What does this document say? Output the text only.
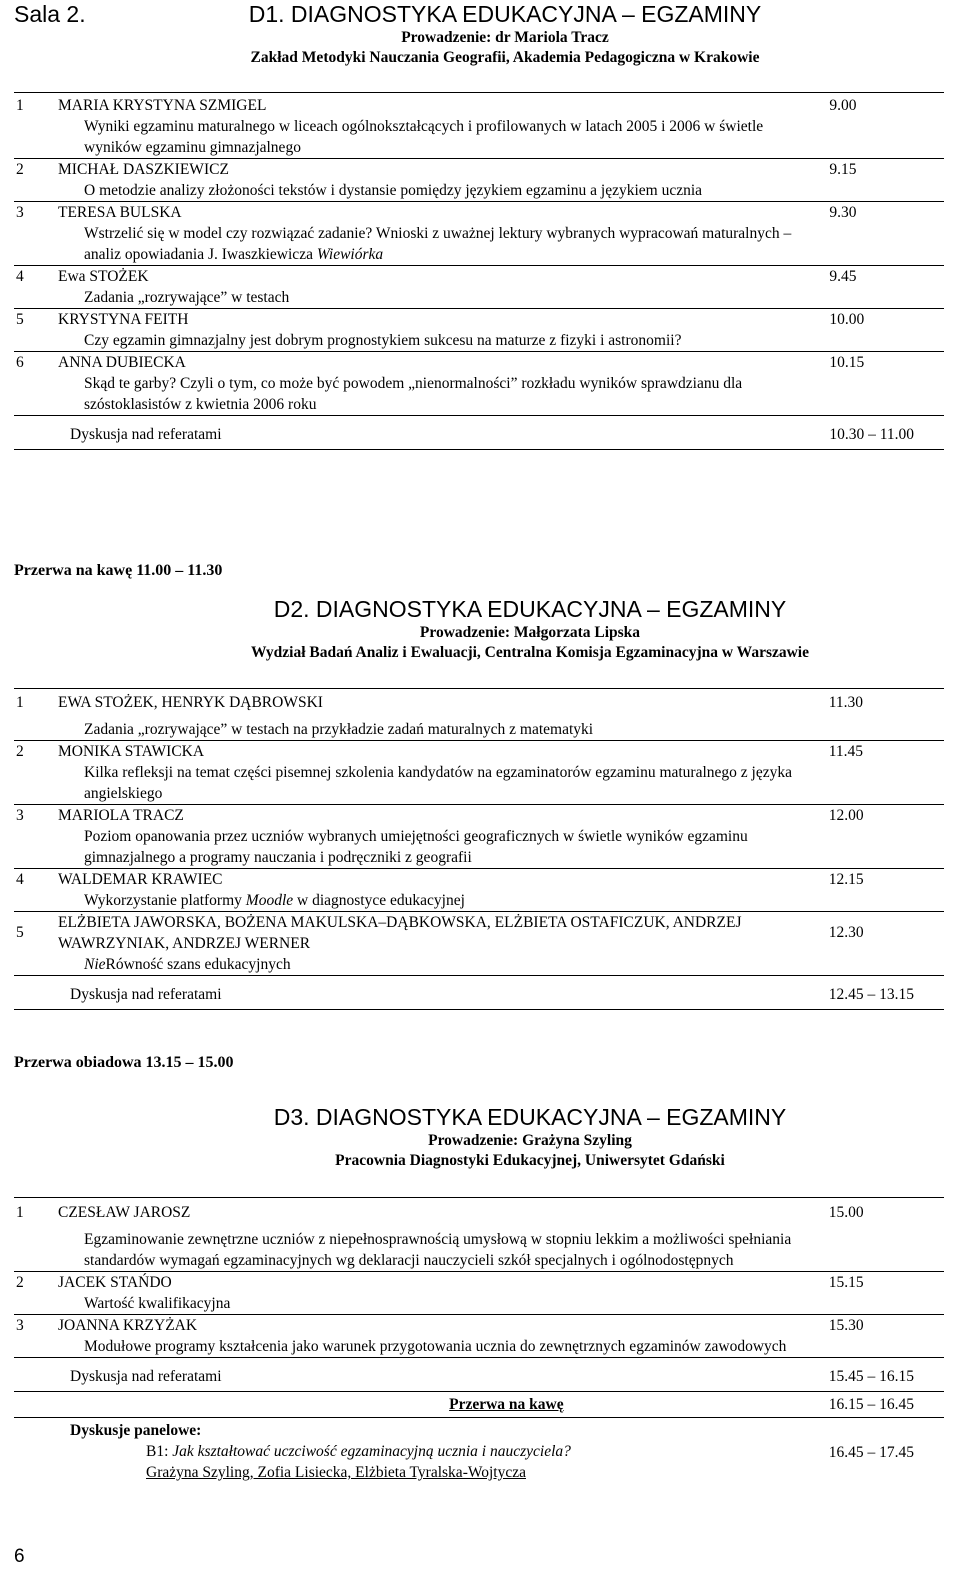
Sala 2.	D1. DIAGNOSTYKA EDUKACYJNA – EGZAMINY
Prowadzenie: dr Mariola Tracz
Zakład Metodyki Nauczania Geografii, Akademia Pedagogiczna w Krakowie
1	MARIA KRYSTYNA SZMIGEL	9.00
Wyniki egzaminu maturalnego w liceach ogólnokształcących i profilowanych w latach 2005 i 2006 w świetle wyników egzaminu gimnazjalnego		
2	MICHAŁ DASZKIEWICZ	9.15
O metodzie analizy złożoności tekstów i dystansie pomiędzy językiem egzaminu a językiem ucznia		
3	TERESA BULSKA	9.30
Wstrzelić się w model czy rozwiązać zadanie? Wnioski z uważnej lektury wybranych wypracowań maturalnych – analiz opowiadania J. Iwaszkiewicza Wiewiórka		
4	Ewa STOŻEK	9.45
Zadania „rozrywające” w testach		
5	KRYSTYNA FEITH	10.00
Czy egzamin gimnazjalny jest dobrym prognostykiem sukcesu na maturze z fizyki i astronomii?		
6	ANNA DUBIECKA	10.15
Skąd te garby? Czyli o tym, co może być powodem „nienormalności” rozkładu wyników sprawdzianu dla szóstoklasistów z kwietnia 2006 roku		
Dyskusja nad referatami		10.30 – 11.00
Przerwa na kawę 11.00 – 11.30
D2. DIAGNOSTYKA EDUKACYJNA – EGZAMINY
Prowadzenie: Małgorzata Lipska
Wydział Badań Analiz i Ewaluacji, Centralna Komisja Egzaminacyjna w Warszawie
1	EWA STOŻEK, HENRYK DĄBROWSKI	11.30
Zadania „rozrywające” w testach na przykładzie zadań maturalnych z matematyki		
2	MONIKA STAWICKA	11.45
Kilka refleksji na temat części pisemnej szkolenia kandydatów na egzaminatorów egzaminu maturalnego z języka angielskiego		
3	MARIOLA TRACZ	12.00
Poziom opanowania przez uczniów wybranych umiejętności geograficznych w świetle wyników egzaminu gimnazjalnego a programy nauczania i podręczniki z geografii		
4	WALDEMAR KRAWIEC	12.15
Wykorzystanie platformy Moodle w diagnostyce edukacyjnej		
5	ELŻBIETA JAWORSKA, BOŻENA MAKULSKA–DĄBKOWSKA, ELŻBIETA OSTAFICZUK, ANDRZEJ WAWRZYNIAK, ANDRZEJ WERNER	12.30
NieRówność szans edukacyjnych		
Dyskusja nad referatami		12.45 – 13.15
Przerwa obiadowa 13.15 – 15.00
D3. DIAGNOSTYKA EDUKACYJNA – EGZAMINY
Prowadzenie: Grażyna Szyling
Pracownia Diagnostyki Edukacyjnej, Uniwersytet Gdański
1	CZESŁAW JAROSZ	15.00
Egzaminowanie zewnętrzne uczniów z niepełnosprawnością umysłową w stopniu lekkim a możliwości spełniania standardów wymagań egzaminacyjnych wg deklaracji nauczycieli szkół specjalnych i ogólnodostępnych		
2	JACEK STAŃDO	15.15
Wartość kwalifikacyjna		
3	JOANNA KRZYŻAK	15.30
Modułowe programy kształcenia jako warunek przygotowania ucznia do zewnętrznych egzaminów zawodowych		
Dyskusja nad referatami		15.45 – 16.15
Przerwa na kawę		16.15 – 16.45

Dyskusje panelowe:
B1: Jak kształtować uczciwość egzaminacyjną ucznia i nauczyciela?
Grażyna Szyling, Zofia Lisiecka, Elżbieta Tyralska-Wojtycza		16.45 – 17.45
6
